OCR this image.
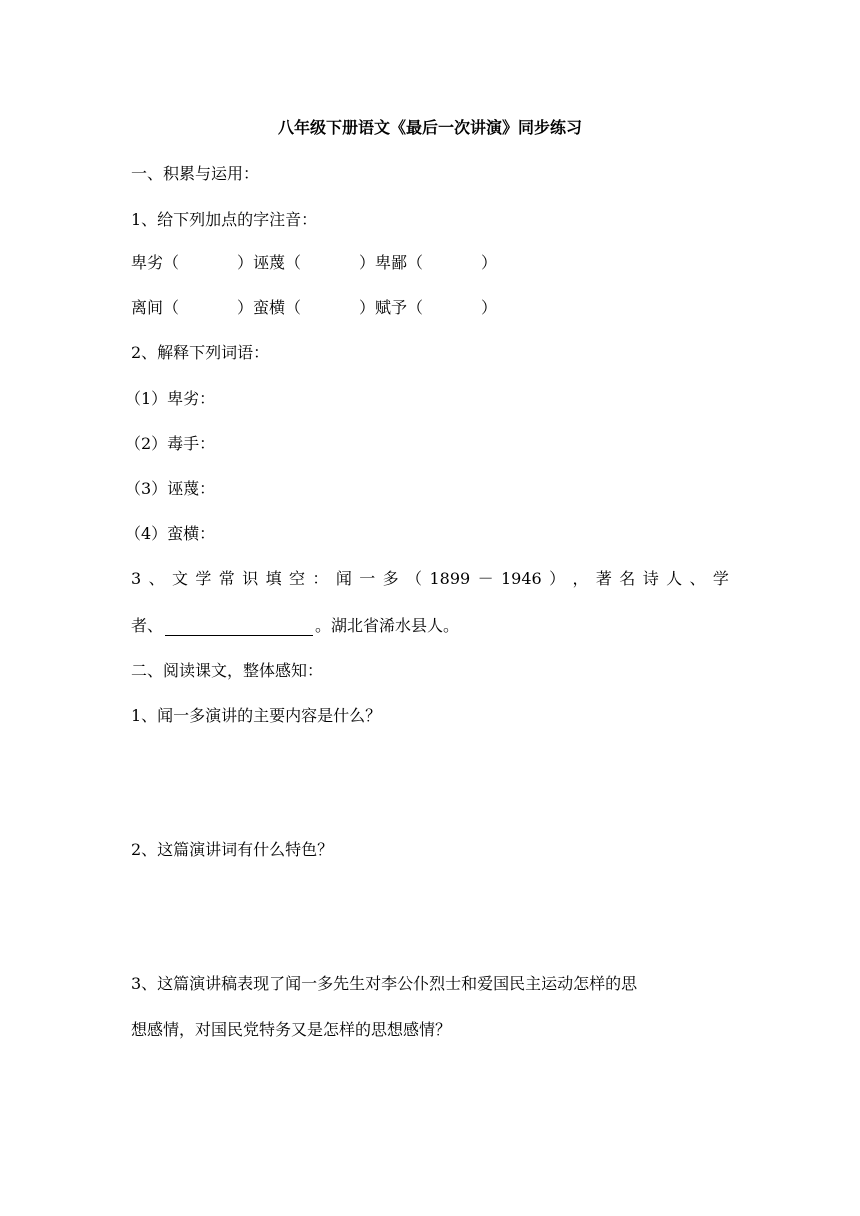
八年级下册语文《最后一次讲演》同步练习
一、积累与运用：
1、给下列加点的字注音：
卑劣（	）诬蔑（	）卑鄙（	）
离间（	）蛮横（	）赋予（	）
2、解释下列词语：
（1）卑劣：
（2）毒手：
（3）诬蔑：
（4）蛮横：
3 、 文 学 常 识 填 空 ： 闻 一 多 （ 1899 － 1946 ） ， 著 名 诗 人 、 学
者、	。湖北省浠水县人。
二、阅读课文，整体感知：
1、闻一多演讲的主要内容是什么？
2、这篇演讲词有什么特色？
3、这篇演讲稿表现了闻一多先生对李公仆烈士和爱国民主运动怎样的思
想感情，对国民党特务又是怎样的思想感情？
